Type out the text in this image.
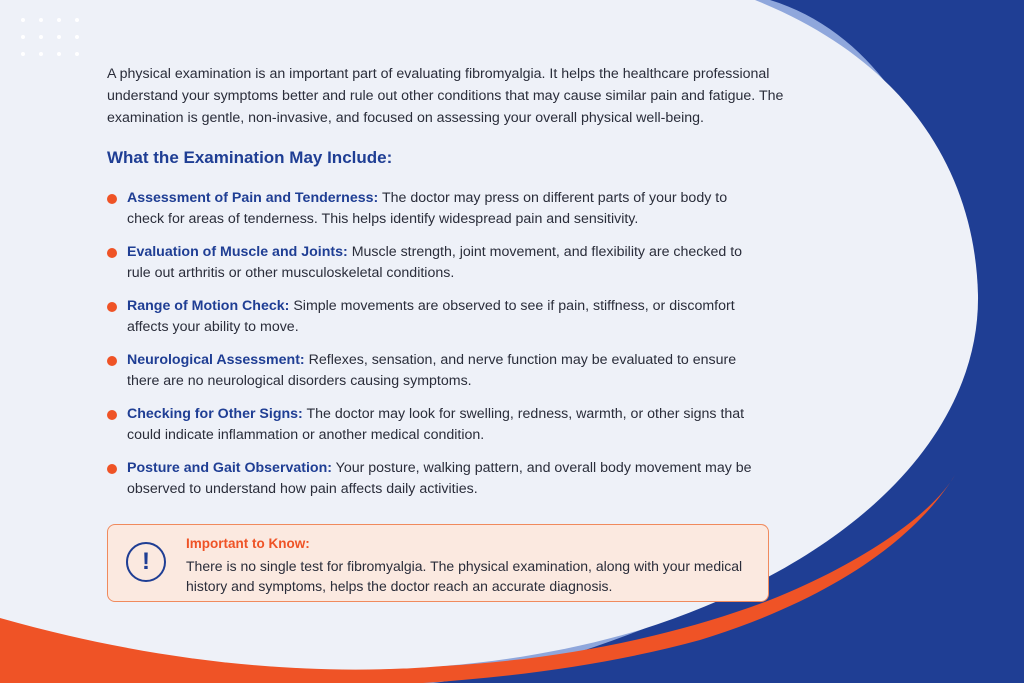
A physical examination is an important part of evaluating fibromyalgia. It helps the healthcare professional understand your symptoms better and rule out other conditions that may cause similar pain and fatigue. The examination is gentle, non-invasive, and focused on assessing your overall physical well-being.

What the Examination May Include:
Assessment of Pain and Tenderness: The doctor may press on different parts of your body to check for areas of tenderness. This helps identify widespread pain and sensitivity.
Evaluation of Muscle and Joints: Muscle strength, joint movement, and flexibility are checked to rule out arthritis or other musculoskeletal conditions.
Range of Motion Check: Simple movements are observed to see if pain, stiffness, or discomfort affects your ability to move.
Neurological Assessment: Reflexes, sensation, and nerve function may be evaluated to ensure there are no neurological disorders causing symptoms.
Checking for Other Signs: The doctor may look for swelling, redness, warmth, or other signs that could indicate inflammation or another medical condition.
Posture and Gait Observation: Your posture, walking pattern, and overall body movement may be observed to understand how pain affects daily activities.
!

Important to Know:

There is no single test for fibromyalgia. The physical examination, along with your medical history and symptoms, helps the doctor reach an accurate diagnosis.
